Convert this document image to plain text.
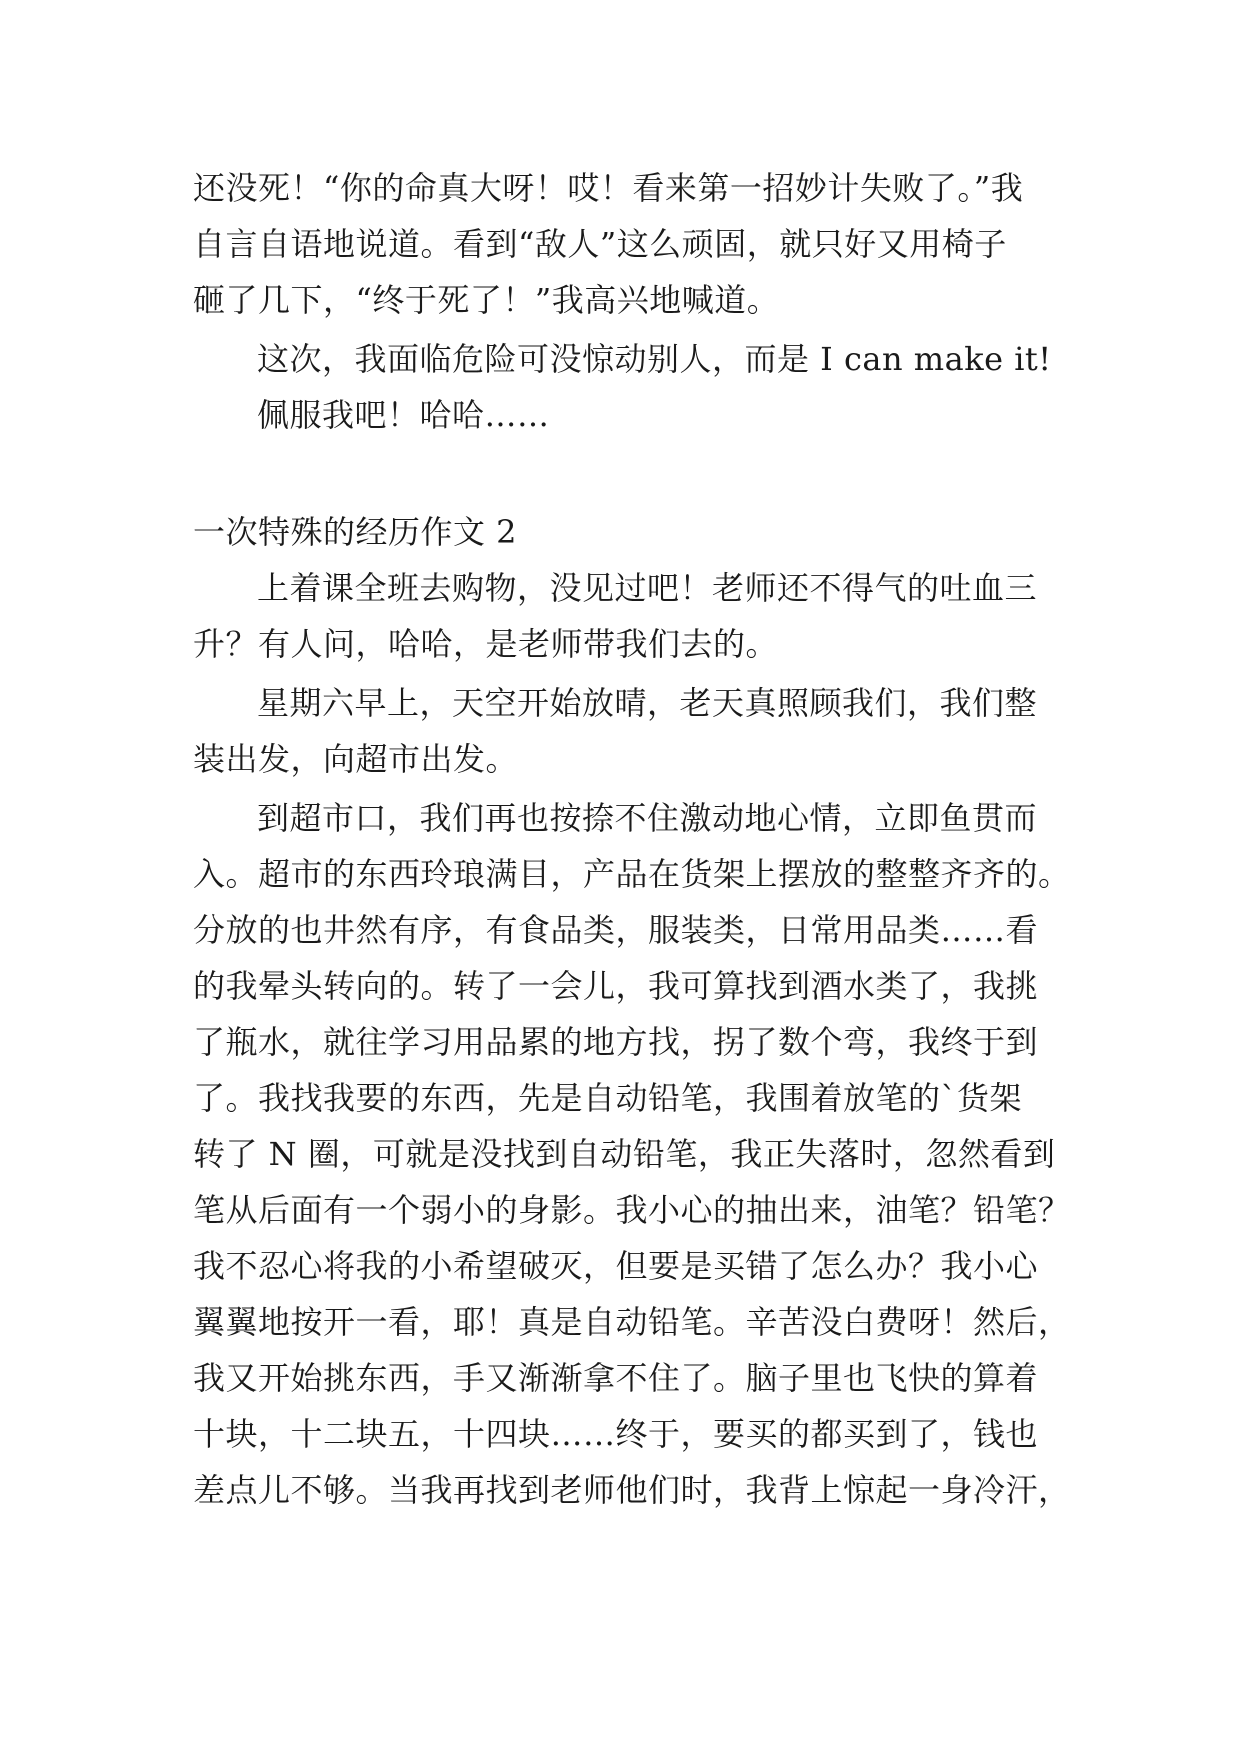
还没死！“你的命真大呀！哎！看来第一招妙计失败了。”我
自言自语地说道。看到“敌人”这么顽固，就只好又用椅子
砸了几下，“终于死了！”我高兴地喊道。
这次，我面临危险可没惊动别人，而是 I can make it!
佩服我吧！哈哈……
一次特殊的经历作文 2
上着课全班去购物，没见过吧！老师还不得气的吐血三
升？有人问，哈哈，是老师带我们去的。
星期六早上，天空开始放晴，老天真照顾我们，我们整
装出发，向超市出发。
到超市口，我们再也按捺不住激动地心情，立即鱼贯而
入。超市的东西玲琅满目，产品在货架上摆放的整整齐齐的。
分放的也井然有序，有食品类，服装类，日常用品类……看
的我晕头转向的。转了一会儿，我可算找到酒水类了，我挑
了瓶水，就往学习用品累的地方找，拐了数个弯，我终于到
了。我找我要的东西，先是自动铅笔，我围着放笔的`货架
转了 N 圈，可就是没找到自动铅笔，我正失落时，忽然看到
笔从后面有一个弱小的身影。我小心的抽出来，油笔？铅笔？
我不忍心将我的小希望破灭，但要是买错了怎么办？我小心
翼翼地按开一看，耶！真是自动铅笔。辛苦没白费呀！然后，
我又开始挑东西，手又渐渐拿不住了。脑子里也飞快的算着
十块，十二块五，十四块……终于，要买的都买到了，钱也
差点儿不够。当我再找到老师他们时，我背上惊起一身冷汗，
